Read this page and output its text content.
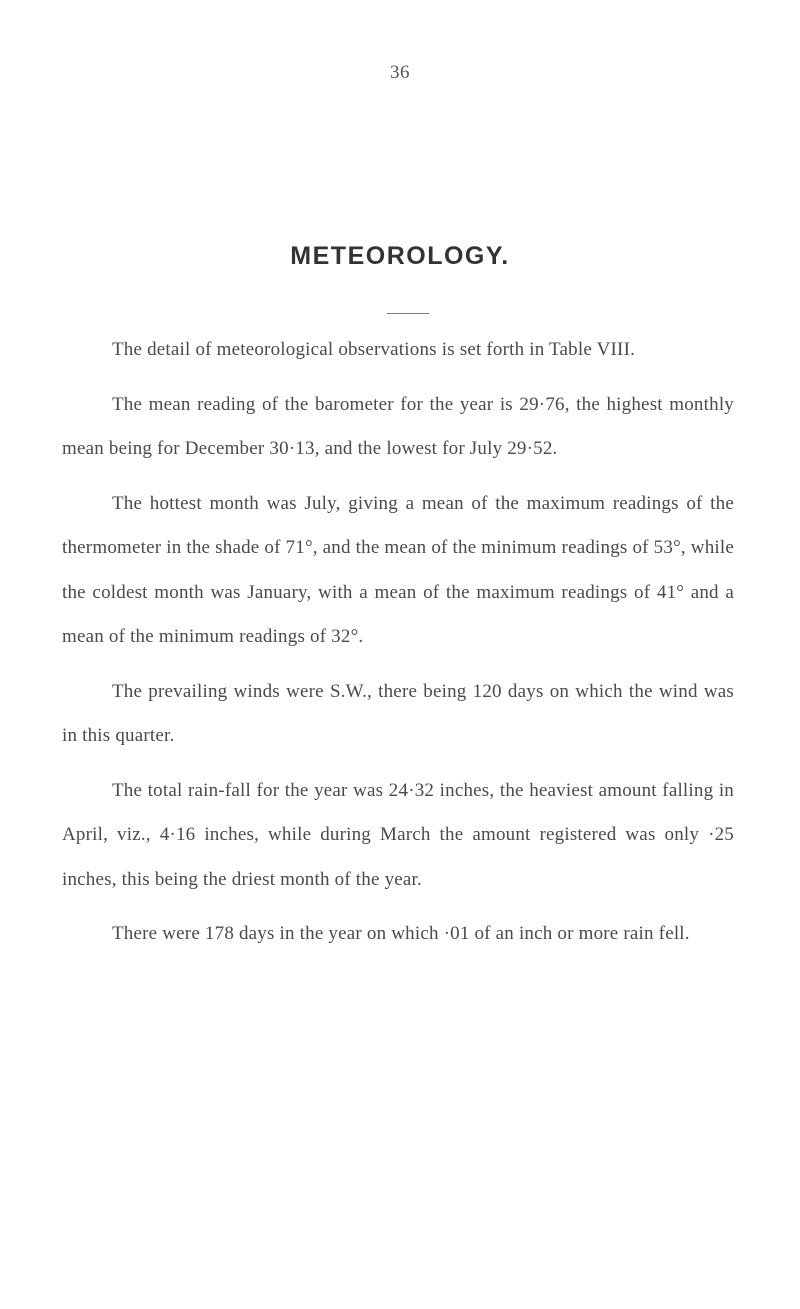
36
METEOROLOGY.

The detail of meteorological observations is set forth in Table VIII.

The mean reading of the barometer for the year is 29·76, the highest monthly mean being for December 30·13, and the lowest for July 29·52.

The hottest month was July, giving a mean of the maximum readings of the thermometer in the shade of 71°, and the mean of the minimum readings of 53°, while the coldest month was January, with a mean of the maximum readings of 41° and a mean of the minimum readings of 32°.

The prevailing winds were S.W., there being 120 days on which the wind was in this quarter.

The total rain-fall for the year was 24·32 inches, the heaviest amount falling in April, viz., 4·16 inches, while during March the amount registered was only ·25 inches, this being the driest month of the year.

There were 178 days in the year on which ·01 of an inch or more rain fell.
